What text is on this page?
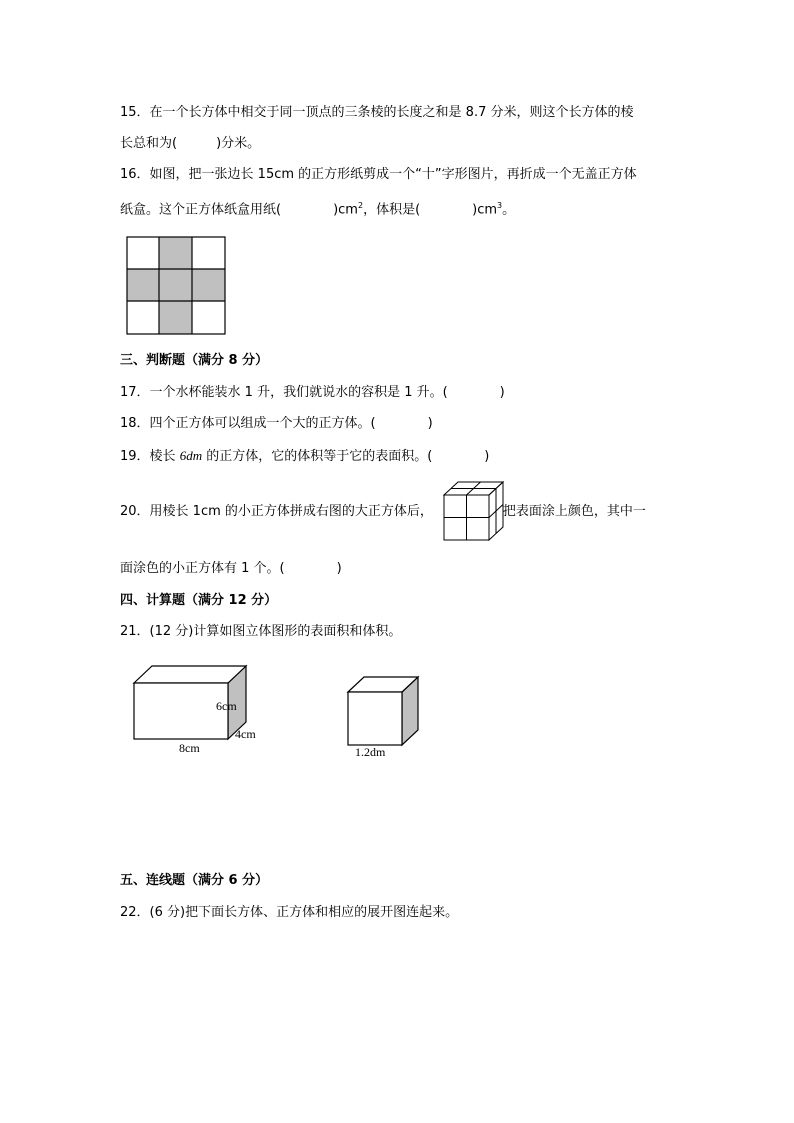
15．在一个长方体中相交于同一顶点的三条棱的长度之和是 8.7 分米，则这个长方体的棱
长总和为(　　　)分米。
16．如图，把一张边长 15cm 的正方形纸剪成一个“十”字形图片，再折成一个无盖正方体
纸盒。这个正方体纸盒用纸(　　　　)$cm^2$，体积是(　　　　)$cm^3$。
三、判断题（满分 8 分）
17．一个水杯能装水 1 升，我们就说水的容积是 1 升。(　　　　)
18．四个正方体可以组成一个大的正方体。(　　　　)
19．棱长 6dm 的正方体，它的体积等于它的表面积。(　　　　)
20．用棱长 1cm 的小正方体拼成右图的大正方体后，	把表面涂上颜色，其中一
面涂色的小正方体有 1 个。(　　　　)
四、计算题（满分 12 分）
21．(12 分)计算如图立体图形的表面积和体积。
6cm
4cm
8cm	1.2dm
五、连线题（满分 6 分）
22．(6 分)把下面长方体、正方体和相应的展开图连起来。
